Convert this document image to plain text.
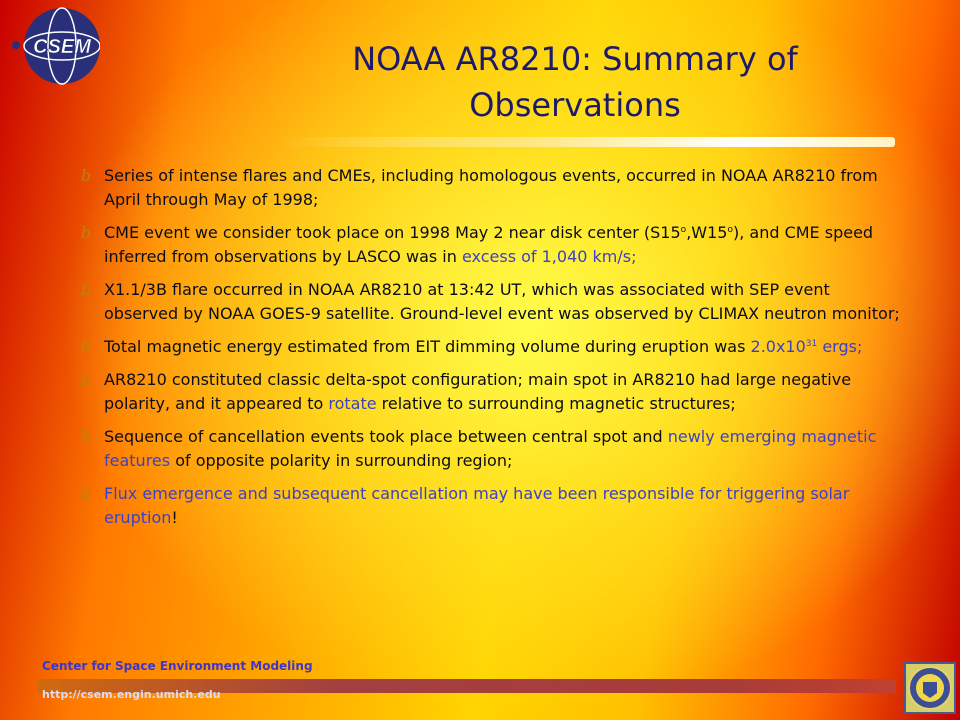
CSEM	NOAA AR8210: Summary of
Observations
b Series of intense flares and CMEs, including homologous events, occurred in NOAA AR8210 from April through May of 1998;
b CME event we consider took place on 1998 May 2 near disk center (S15$^o$,W15$^o$), and CME speed inferred from observations by LASCO was in excess of 1,040 km/s;
b X1.1/3B flare occurred in NOAA AR8210 at 13:42 UT, which was associated with SEP event observed by NOAA GOES-9 satellite. Ground-level event was observed by CLIMAX neutron monitor;
b Total magnetic energy estimated from EIT dimming volume during eruption was $2.0x10^{31}$ ergs;
b AR8210 constituted classic delta-spot configuration; main spot in AR8210 had large negative polarity, and it appeared to rotate relative to surrounding magnetic structures;
b Sequence of cancellation events took place between central spot and newly emerging magnetic features of opposite polarity in surrounding region;
b Flux emergence and subsequent cancellation may have been responsible for triggering solar eruption!
Center for Space Environment Modeling
http://csem.engin.umich.edu
